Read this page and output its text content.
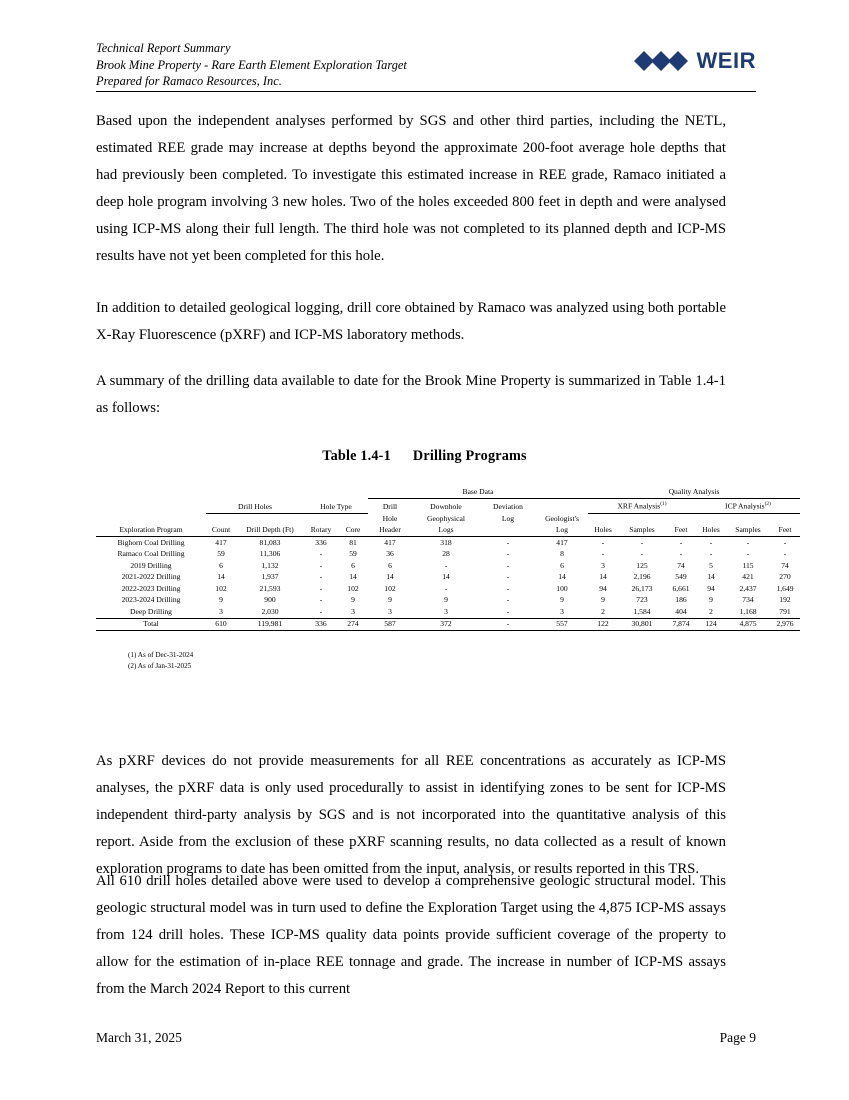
Technical Report Summary
Brook Mine Property - Rare Earth Element Exploration Target
Prepared for Ramaco Resources, Inc.
WEIR

Based upon the independent analyses performed by SGS and other third parties, including the NETL, estimated REE grade may increase at depths beyond the approximate 200-foot average hole depths that had previously been completed. To investigate this estimated increase in REE grade, Ramaco initiated a deep hole program involving 3 new holes. Two of the holes exceeded 800 feet in depth and were analysed using ICP-MS along their full length. The third hole was not completed to its planned depth and ICP-MS results have not yet been completed for this hole.

In addition to detailed geological logging, drill core obtained by Ramaco was analyzed using both portable X-Ray Fluorescence (pXRF) and ICP-MS laboratory methods.

A summary of the drilling data available to date for the Brook Mine Property is summarized in Table 1.4-1 as follows:

Table 1.4-1 Drilling Programs
					Base Data				Quality Analysis					
	Drill Holes		Hole Type		Drill	Downhole	Deviation		XRF Analysis$^{(1)}$			ICP Analysis$^{(2)}$
					Hole	Geophysical	Log	Geologist's						
Exploration Program	Count	Drill Depth (Ft)	Rotary	Core	Header	Logs		Log	Holes	Samples	Feet	Holes	Samples	Feet
Bighorn Coal Drilling	417	81,083	336	81	417	318	-	417	-	-	-	-	-	-
Ramaco Coal Drilling	59	11,306	-	59	36	28	-	8	-	-	-	-	-	-
2019 Drilling	6	1,132	-	6	6	-	-	6	3	125	74	5	115	74
2021-2022 Drilling	14	1,937	-	14	14	14	-	14	14	2,196	549	14	421	270
2022-2023 Drilling	102	21,593	-	102	102	-	-	100	94	26,173	6,661	94	2,437	1,649
2023-2024 Drilling	9	900	-	9	9	9	-	9	9	723	186	9	734	192
Deep Drilling	3	2,030	-	3	3	3	-	3	2	1,584	404	2	1,168	791
Total	610	119,981	336	274	587	372	-	557	122	30,801	7,874	124	4,875	2,976
(1) As of Dec-31-2024
(2) As of Jan-31-2025

As pXRF devices do not provide measurements for all REE concentrations as accurately as ICP-MS analyses, the pXRF data is only used procedurally to assist in identifying zones to be sent for ICP-MS independent third-party analysis by SGS and is not incorporated into the quantitative analysis of this report. Aside from the exclusion of these pXRF scanning results, no data collected as a result of known exploration programs to date has been omitted from the input, analysis, or results reported in this TRS.

All 610 drill holes detailed above were used to develop a comprehensive geologic structural model. This geologic structural model was in turn used to define the Exploration Target using the 4,875 ICP-MS assays from 124 drill holes. These ICP-MS quality data points provide sufficient coverage of the property to allow for the estimation of in-place REE tonnage and grade. The increase in number of ICP-MS assays from the March 2024 Report to this current

March 31, 2025	Page 9
